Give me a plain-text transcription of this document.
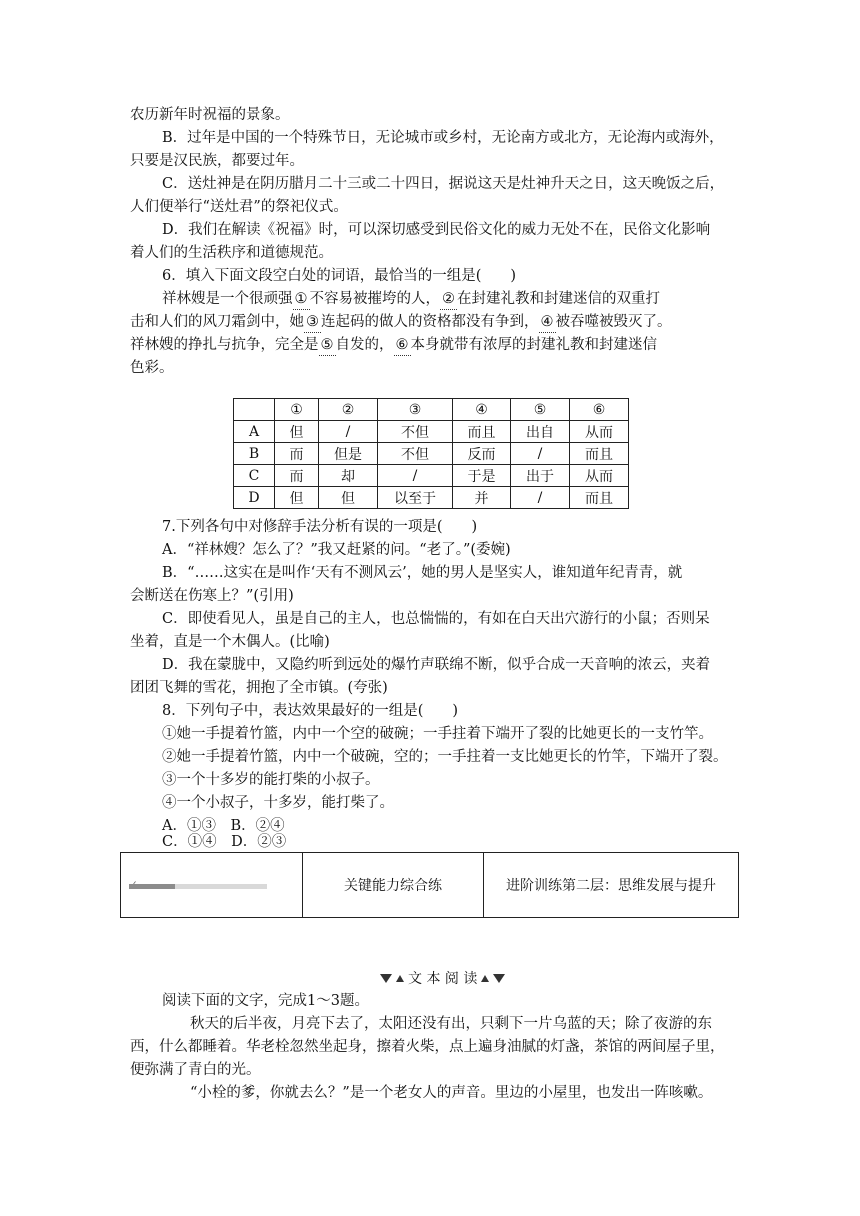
农历新年时祝福的景象。
B．过年是中国的一个特殊节日，无论城市或乡村，无论南方或北方，无论海内或海外，
只要是汉民族，都要过年。
C．送灶神是在阴历腊月二十三或二十四日，据说这天是灶神升天之日，这天晚饭之后，
人们便举行“送灶君”的祭祀仪式。
D．我们在解读《祝福》时，可以深切感受到民俗文化的威力无处不在，民俗文化影响
着人们的生活秩序和道德规范。
6．填入下面文段空白处的词语，最恰当的一组是(　　)
祥林嫂是一个很顽强 ① 不容易被摧垮的人， ② 在封建礼教和封建迷信的双重打
击和人们的风刀霜剑中，她 ③ 连起码的做人的资格都没有争到， ④ 被吞噬被毁灭了。
祥林嫂的挣扎与抗争，完全是 ⑤ 自发的， ⑥ 本身就带有浓厚的封建礼教和封建迷信
色彩。
	①	②	③	④	⑤	⑥
A	但	/	不但	而且	出自	从而
B	而	但是	不但	反而	/	而且
C	而	却	/	于是	出于	从而
D	但	但	以至于	并	/	而且
7.下列各句中对修辞手法分析有误的一项是(　　)
A．“祥林嫂？怎么了？”我又赶紧的问。“老了。”(委婉)
B．“……这实在是叫作‘天有不测风云’，她的男人是坚实人，谁知道年纪青青，就
会断送在伤寒上？”(引用)
C．即使看见人，虽是自己的主人，也总惴惴的，有如在白天出穴游行的小鼠；否则呆
坐着，直是一个木偶人。(比喻)
D．我在蒙胧中，又隐约听到远处的爆竹声联绵不断，似乎合成一天音响的浓云，夹着
团团飞舞的雪花，拥抱了全市镇。(夸张)
8．下列句子中，表达效果最好的一组是(　　)
①她一手提着竹篮，内中一个空的破碗；一手拄着下端开了裂的比她更长的一支竹竿。
②她一手提着竹篮，内中一个破碗，空的；一手拄着一支比她更长的竹竿，下端开了裂。
③一个十多岁的能打柴的小叔子。
④一个小叔子，十多岁，能打柴了。
A．①③　B．②④
C．①④　D．②③
关键能力综合练	进阶训练第二层：思维发展与提升
文 本 阅 读
阅读下面的文字，完成1～3题。
秋天的后半夜，月亮下去了，太阳还没有出，只剩下一片乌蓝的天；除了夜游的东
西，什么都睡着。华老栓忽然坐起身，擦着火柴，点上遍身油腻的灯盏，茶馆的两间屋子里，
便弥满了青白的光。
“小栓的爹，你就去么？”是一个老女人的声音。里边的小屋里，也发出一阵咳嗽。
